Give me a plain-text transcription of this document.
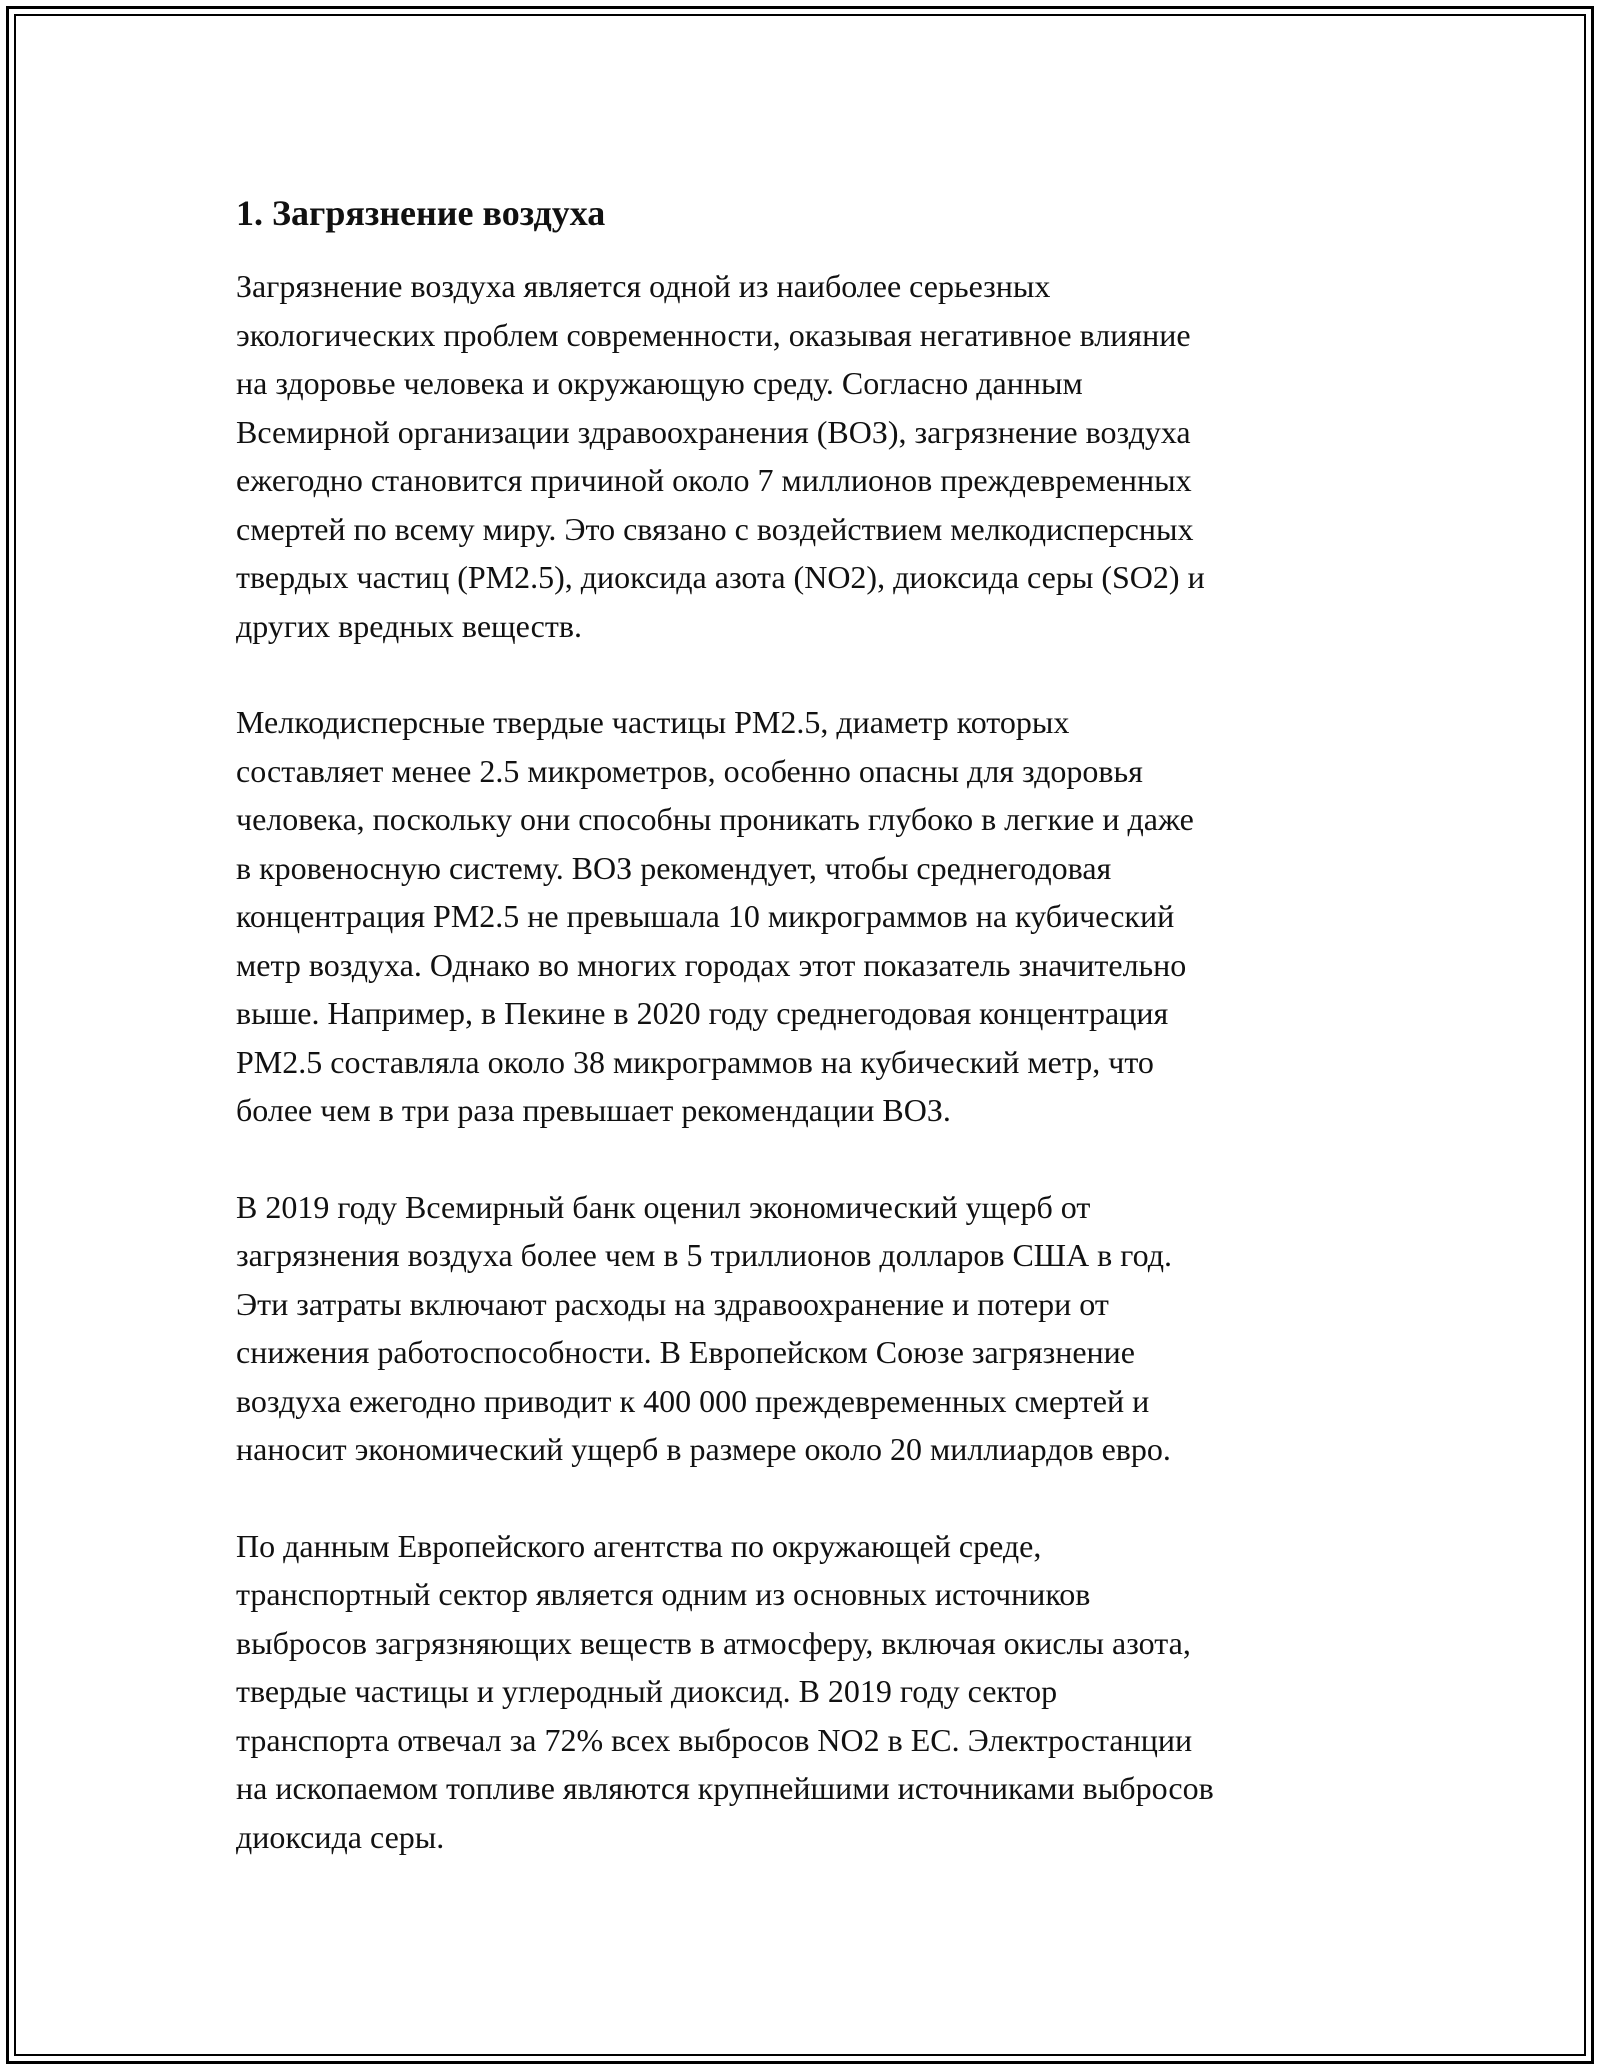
1. Загрязнение воздуха

Загрязнение воздуха является одной из наиболее серьезных
экологических проблем современности, оказывая негативное влияние
на здоровье человека и окружающую среду. Согласно данным
Всемирной организации здравоохранения (ВОЗ), загрязнение воздуха
ежегодно становится причиной около 7 миллионов преждевременных
смертей по всему миру. Это связано с воздействием мелкодисперсных
твердых частиц (PM2.5), диоксида азота (NO2), диоксида серы (SO2) и
других вредных веществ.

Мелкодисперсные твердые частицы PM2.5, диаметр которых
составляет менее 2.5 микрометров, особенно опасны для здоровья
человека, поскольку они способны проникать глубоко в легкие и даже
в кровеносную систему. ВОЗ рекомендует, чтобы среднегодовая
концентрация PM2.5 не превышала 10 микрограммов на кубический
метр воздуха. Однако во многих городах этот показатель значительно
выше. Например, в Пекине в 2020 году среднегодовая концентрация
PM2.5 составляла около 38 микрограммов на кубический метр, что
более чем в три раза превышает рекомендации ВОЗ.

В 2019 году Всемирный банк оценил экономический ущерб от
загрязнения воздуха более чем в 5 триллионов долларов США в год.
Эти затраты включают расходы на здравоохранение и потери от
снижения работоспособности. В Европейском Союзе загрязнение
воздуха ежегодно приводит к 400 000 преждевременных смертей и
наносит экономический ущерб в размере около 20 миллиардов евро.

По данным Европейского агентства по окружающей среде,
транспортный сектор является одним из основных источников
выбросов загрязняющих веществ в атмосферу, включая окислы азота,
твердые частицы и углеродный диоксид. В 2019 году сектор
транспорта отвечал за 72% всех выбросов NO2 в ЕС. Электростанции
на ископаемом топливе являются крупнейшими источниками выбросов
диоксида серы.
